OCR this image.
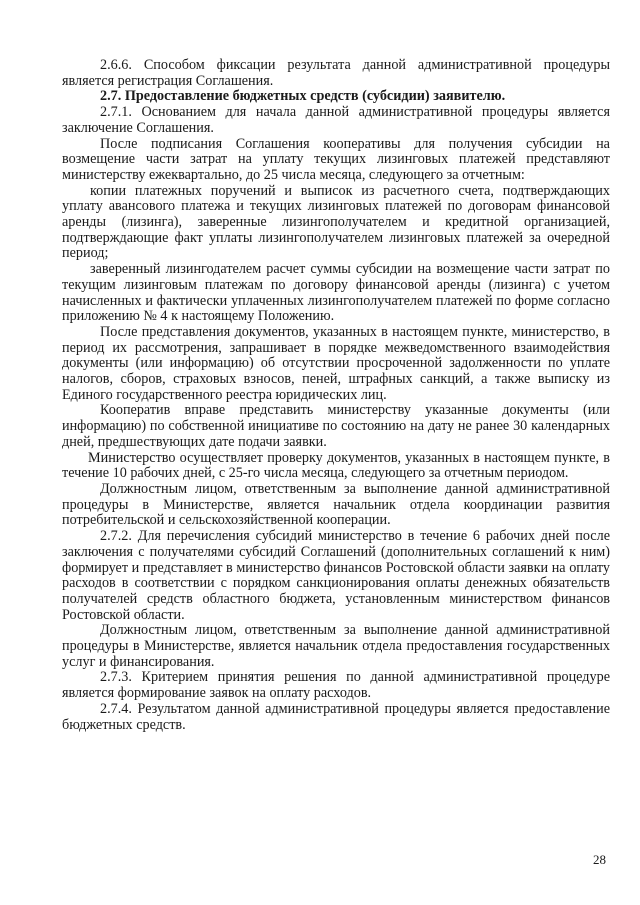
2.6.6. Способом фиксации результата данной административной процедуры является регистрация Соглашения.

2.7. Предоставление бюджетных средств (субсидии) заявителю.

2.7.1. Основанием для начала данной административной процедуры является заключение Соглашения.

После подписания Соглашения кооперативы для получения субсидии на возмещение части затрат на уплату текущих лизинговых платежей представляют министерству ежеквартально, до 25 числа месяца, следующего за отчетным:

копии платежных поручений и выписок из расчетного счета, подтверждающих уплату авансового платежа и текущих лизинговых платежей по договорам финансовой аренды (лизинга), заверенные лизингополучателем и кредитной организацией, подтверждающие факт уплаты лизингополучателем лизинговых платежей за очередной период;

заверенный лизингодателем расчет суммы субсидии на возмещение части затрат по текущим лизинговым платежам по договору финансовой аренды (лизинга) с учетом начисленных и фактически уплаченных лизингополучателем платежей по форме согласно приложению № 4 к настоящему Положению.

После представления документов, указанных в настоящем пункте, министерство, в период их рассмотрения, запрашивает в порядке межведомственного взаимодействия документы (или информацию) об отсутствии просроченной задолженности по уплате налогов, сборов, страховых взносов, пеней, штрафных санкций, а также выписку из Единого государственного реестра юридических лиц.

Кооператив вправе представить министерству указанные документы (или информацию) по собственной инициативе по состоянию на дату не ранее 30 календарных дней, предшествующих дате подачи заявки.

Министерство осуществляет проверку документов, указанных в настоящем пункте, в течение 10 рабочих дней, с 25-го числа месяца, следующего за отчетным периодом.

Должностным лицом, ответственным за выполнение данной административной процедуры в Министерстве, является начальник отдела координации развития потребительской и сельскохозяйственной кооперации.

2.7.2. Для перечисления субсидий министерство в течение 6 рабочих дней после заключения с получателями субсидий Соглашений (дополнительных соглашений к ним) формирует и представляет в министерство финансов Ростовской области заявки на оплату расходов в соответствии с порядком санкционирования оплаты денежных обязательств получателей средств областного бюджета, установленным министерством финансов Ростовской области.

Должностным лицом, ответственным за выполнение данной административной процедуры в Министерстве, является начальник отдела предоставления государственных услуг и финансирования.

2.7.3. Критерием принятия решения по данной административной процедуре является формирование заявок на оплату расходов.

2.7.4. Результатом данной административной процедуры является предоставление бюджетных средств.

28
